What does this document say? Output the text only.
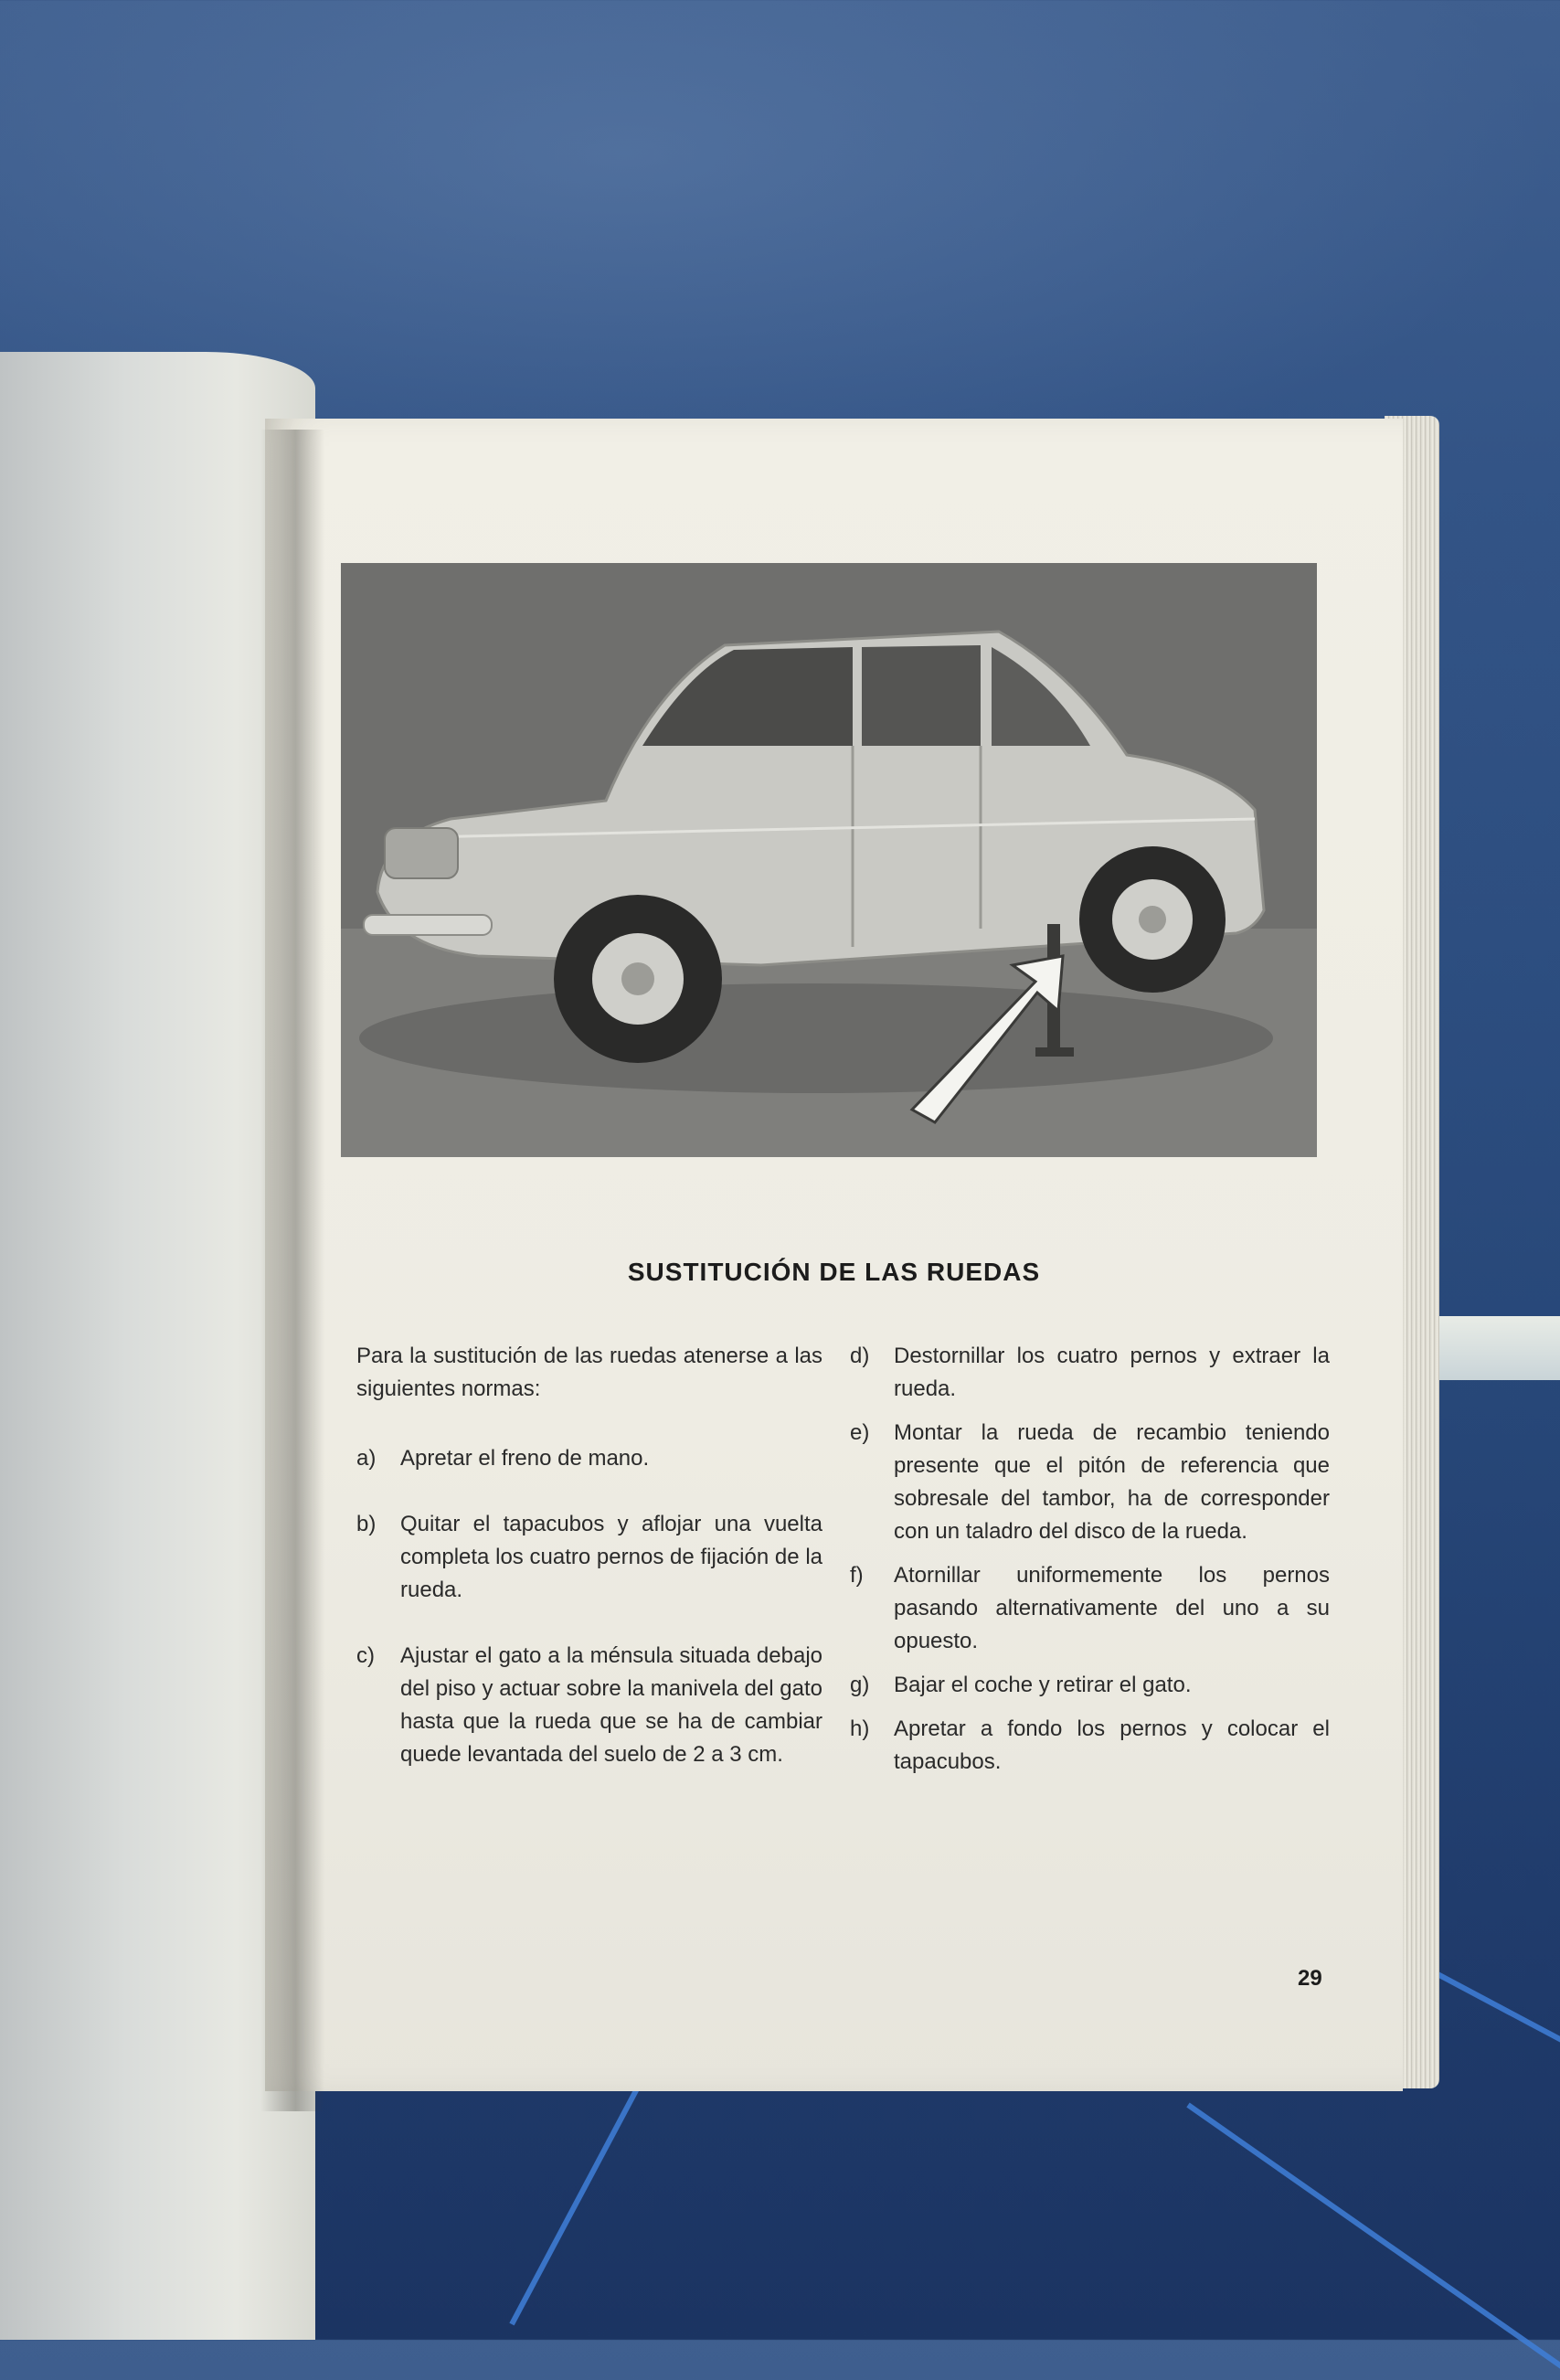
SUSTITUCIÓN DE LAS RUEDAS

Para la sustitución de las ruedas atenerse a las siguientes normas:

a)	Apretar el freno de mano.
b)	Quitar el tapacubos y aflojar una vuelta completa los cuatro pernos de fijación de la rueda.
c)	Ajustar el gato a la ménsula situada debajo del piso y actuar sobre la manivela del gato hasta que la rueda que se ha de cambiar quede levantada del suelo de 2 a 3 cm.
d)	Destornillar los cuatro pernos y extraer la rueda.
e)	Montar la rueda de recambio teniendo presente que el pitón de referencia que sobresale del tambor, ha de corresponder con un taladro del disco de la rueda.
f)	Atornillar uniformemente los pernos pasando alternativamente del uno a su opuesto.
g)	Bajar el coche y retirar el gato.
h)	Apretar a fondo los pernos y colocar el tapacubos.
29
